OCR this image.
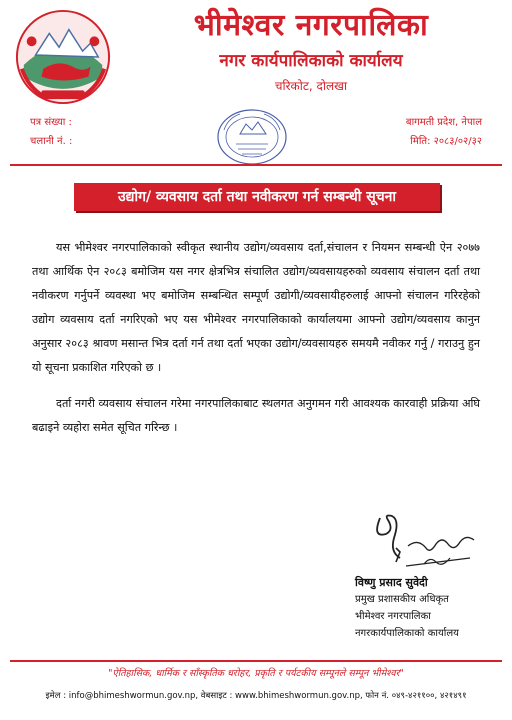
भीमेश्वर नगरपालिका
नगर कार्यपालिकाको कार्यालय
चरिकोट, दोलखा
पत्र संख्या :
चलानी नं. :
बागमती प्रदेश, नेपाल
मिति: २०८३/०२/३२
उद्योग/ व्यवसाय दर्ता तथा नवीकरण गर्न सम्बन्धी सूचना

यस भीमेश्वर नगरपालिकाको स्वीकृत स्थानीय उद्योग/व्यवसाय दर्ता,संचालन र नियमन सम्बन्धी ऐन २०७७ तथा आर्थिक ऐन २०८३ बमोजिम यस नगर क्षेत्रभित्र संचालित उद्योग/व्यवसायहरुको व्यवसाय संचालन दर्ता तथा नवीकरण गर्नुपर्ने व्यवस्था भए बमोजिम सम्बन्धित सम्पूर्ण उद्योगी/व्यवसायीहरुलाई आफ्नो संचालन गरिरहेको उद्योग व्यवसाय दर्ता नगरिएको भए यस भीमेश्वर नगरपालिकाको कार्यालयमा आफ्नो उद्योग/व्यवसाय कानुन अनुसार २०८३ श्रावण मसान्त भित्र दर्ता गर्न तथा दर्ता भएका उद्योग/व्यवसायहरु समयमै नवीकर गर्नु / गराउनु हुन यो सूचना प्रकाशित गरिएको छ ।

दर्ता नगरी व्यवसाय संचालन गरेमा नगरपालिकाबाट स्थलगत अनुगमन गरी आवश्यक कारवाही प्रक्रिया अघि बढाइने व्यहोरा समेत सूचित गरिन्छ ।

विष्णु प्रसाद सुवेदी
प्रमुख प्रशासकीय अधिकृत
भीमेश्वर नगरपालिका
नगरकार्यपालिकाको कार्यालय
"ऐतिहासिक, धार्मिक र साँस्कृतिक धरोहर, प्रकृति र पर्यटकीय सम्पूनले सम्पून भीमेश्वर"
इमेल : info@bhimeshwormun.gov.np, वेबसाइट : www.bhimeshwormun.gov.np, फोन नं. ०४९-४२११००, ४२१४९१
